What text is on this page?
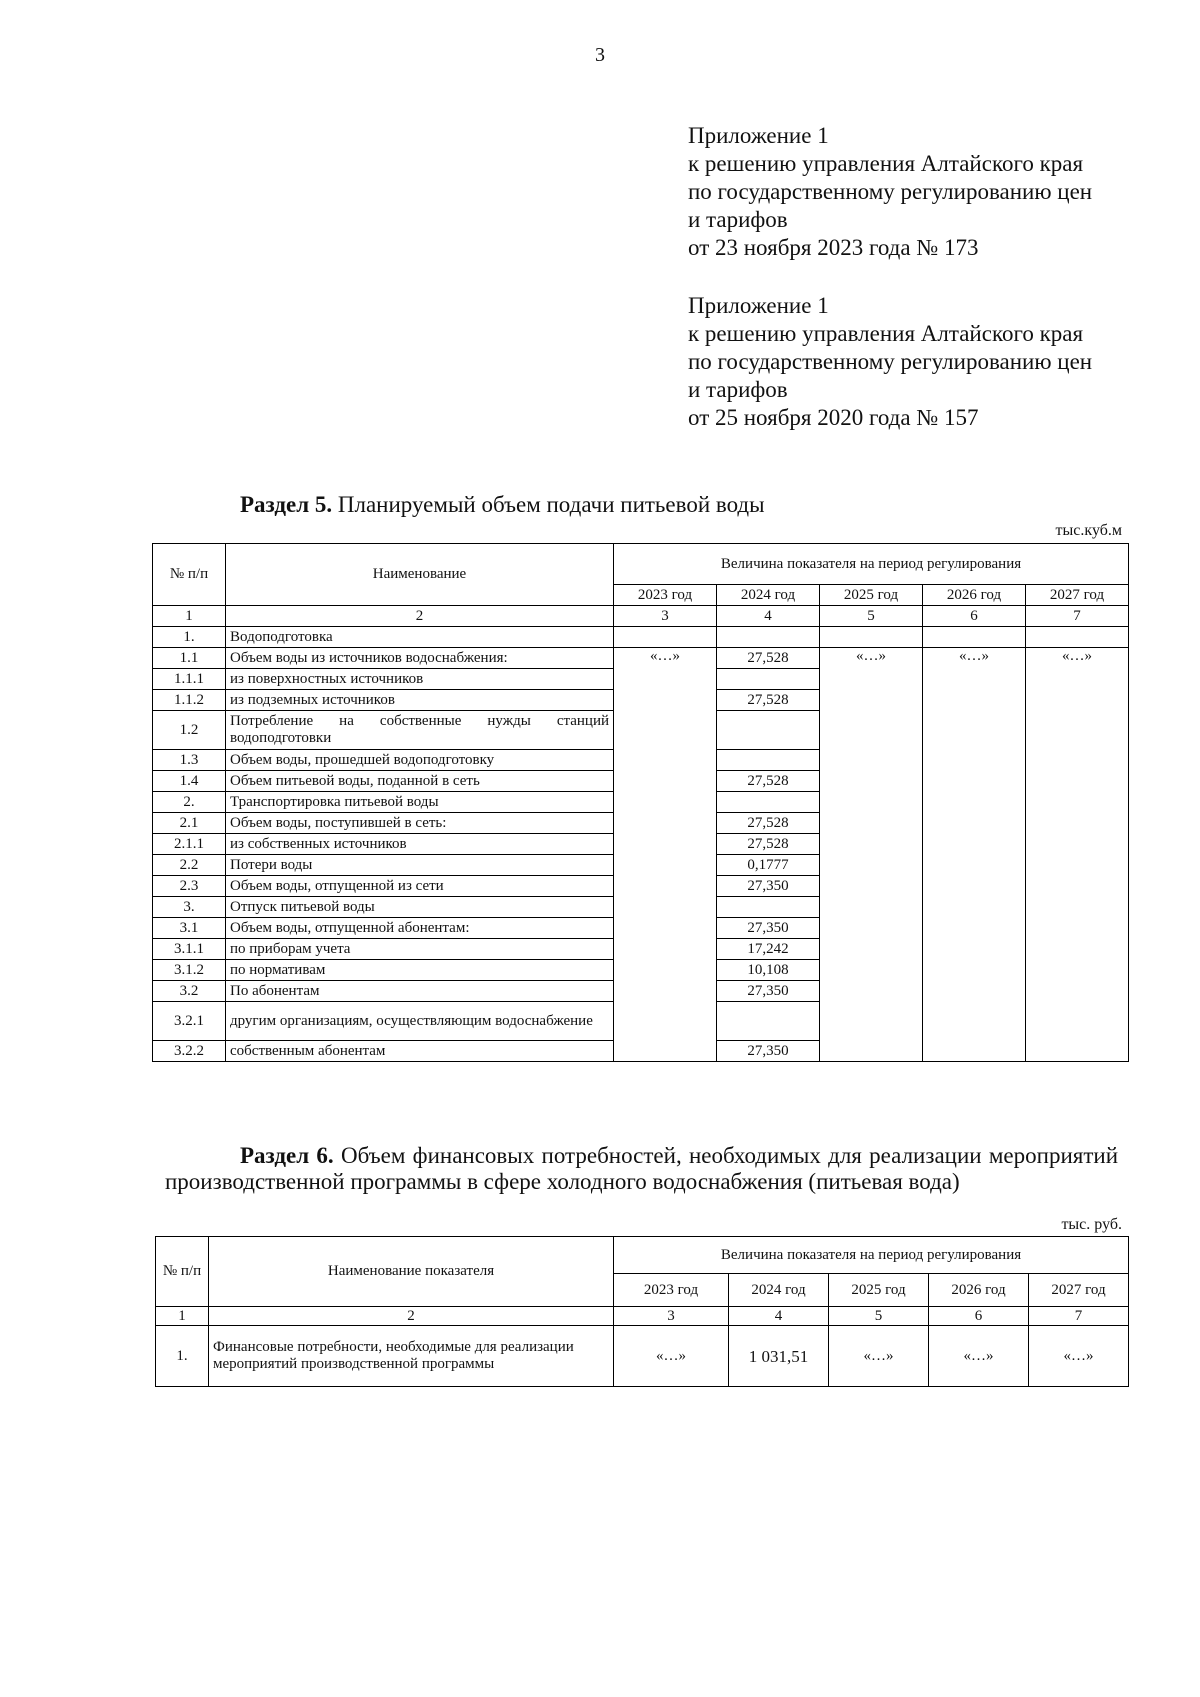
3
Приложение 1
к решению управления Алтайского края
по государственному регулированию цен
и тарифов
от 23 ноября 2023 года № 173
Приложение 1
к решению управления Алтайского края
по государственному регулированию цен
и тарифов
от 25 ноября 2020 года № 157
Раздел 5. Планируемый объем подачи питьевой воды
тыс.куб.м
№ п/п	Наименование	Величина показателя на период регулирования				
		2023 год	2024 год	2025 год	2026 год	2027 год
1	2	3	4	5	6	7
1.	Водоподготовка					
1.1	Объем воды из источников водоснабжения:	«…»	27,528	«…»	«…»	«…»
1.1.1	из поверхностных источников					
1.1.2	из подземных источников		27,528			
1.2	Потребление на собственные нужды станций водоподготовки					
1.3	Объем воды, прошедшей водоподготовку					
1.4	Объем питьевой воды, поданной в сеть		27,528			
2.	Транспортировка питьевой воды					
2.1	Объем воды, поступившей в сеть:		27,528			
2.1.1	из собственных источников		27,528			
2.2	Потери воды		0,1777			
2.3	Объем воды, отпущенной из сети		27,350			
3.	Отпуск питьевой воды					
3.1	Объем воды, отпущенной абонентам:		27,350			
3.1.1	по приборам учета		17,242			
3.1.2	по нормативам		10,108			
3.2	По абонентам		27,350			
3.2.1	другим организациям, осуществляющим водоснабжение					
3.2.2	собственным абонентам		27,350			
Раздел 6. Объем финансовых потребностей, необходимых для реализации мероприятий производственной программы в сфере холодного водоснабжения (питьевая вода)
тыс. руб.
№ п/п	Наименование показателя	Величина показателя на период регулирования				
		2023 год	2024 год	2025 год	2026 год	2027 год
1	2	3	4	5	6	7
1.	Финансовые потребности, необходимые для реализации мероприятий производственной программы	«…»	1 031,51	«…»	«…»	«…»
